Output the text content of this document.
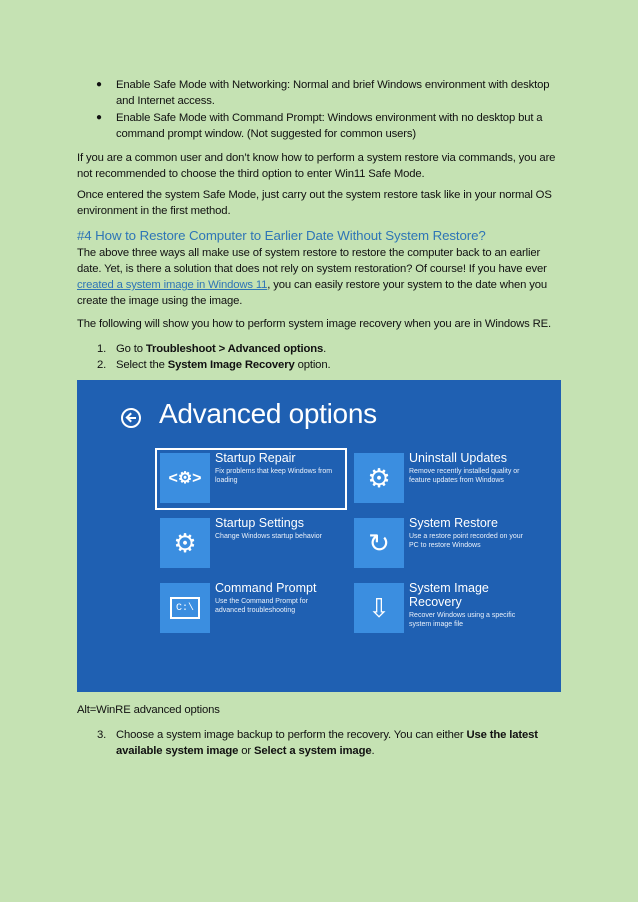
● Enable Safe Mode with Networking: Normal and brief Windows environment with desktop
and Internet access.
● Enable Safe Mode with Command Prompt: Windows environment with no desktop but a
command prompt window. (Not suggested for common users)
If you are a common user and don’t know how to perform a system restore via commands, you are
not recommended to choose the third option to enter Win11 Safe Mode.
Once entered the system Safe Mode, just carry out the system restore task like in your normal OS
environment in the first method.
#4 How to Restore Computer to Earlier Date Without System Restore?
The above three ways all make use of system restore to restore the computer back to an earlier
date. Yet, is there a solution that does not rely on system restoration? Of course! If you have ever
created a system image in Windows 11, you can easily restore your system to the date when you
create the image using the image.
The following will show you how to perform system image recovery when you are in Windows RE.
1. Go to Troubleshoot > Advanced options.
2. Select the System Image Recovery option.
Advanced options
<⚙>
Startup Repair
Fix problems that keep Windows from
loading	⚙
Uninstall Updates
Remove recently installed quality or
feature updates from Windows
⚙
Startup Settings
Change Windows startup behavior	↻
System Restore
Use a restore point recorded on your
PC to restore Windows
C:\
Command Prompt
Use the Command Prompt for
advanced troubleshooting	⇩
System Image
Recovery
Recover Windows using a specific
system image file
Alt=WinRE advanced options
3. Choose a system image backup to perform the recovery. You can either Use the latest
available system image or Select a system image.
